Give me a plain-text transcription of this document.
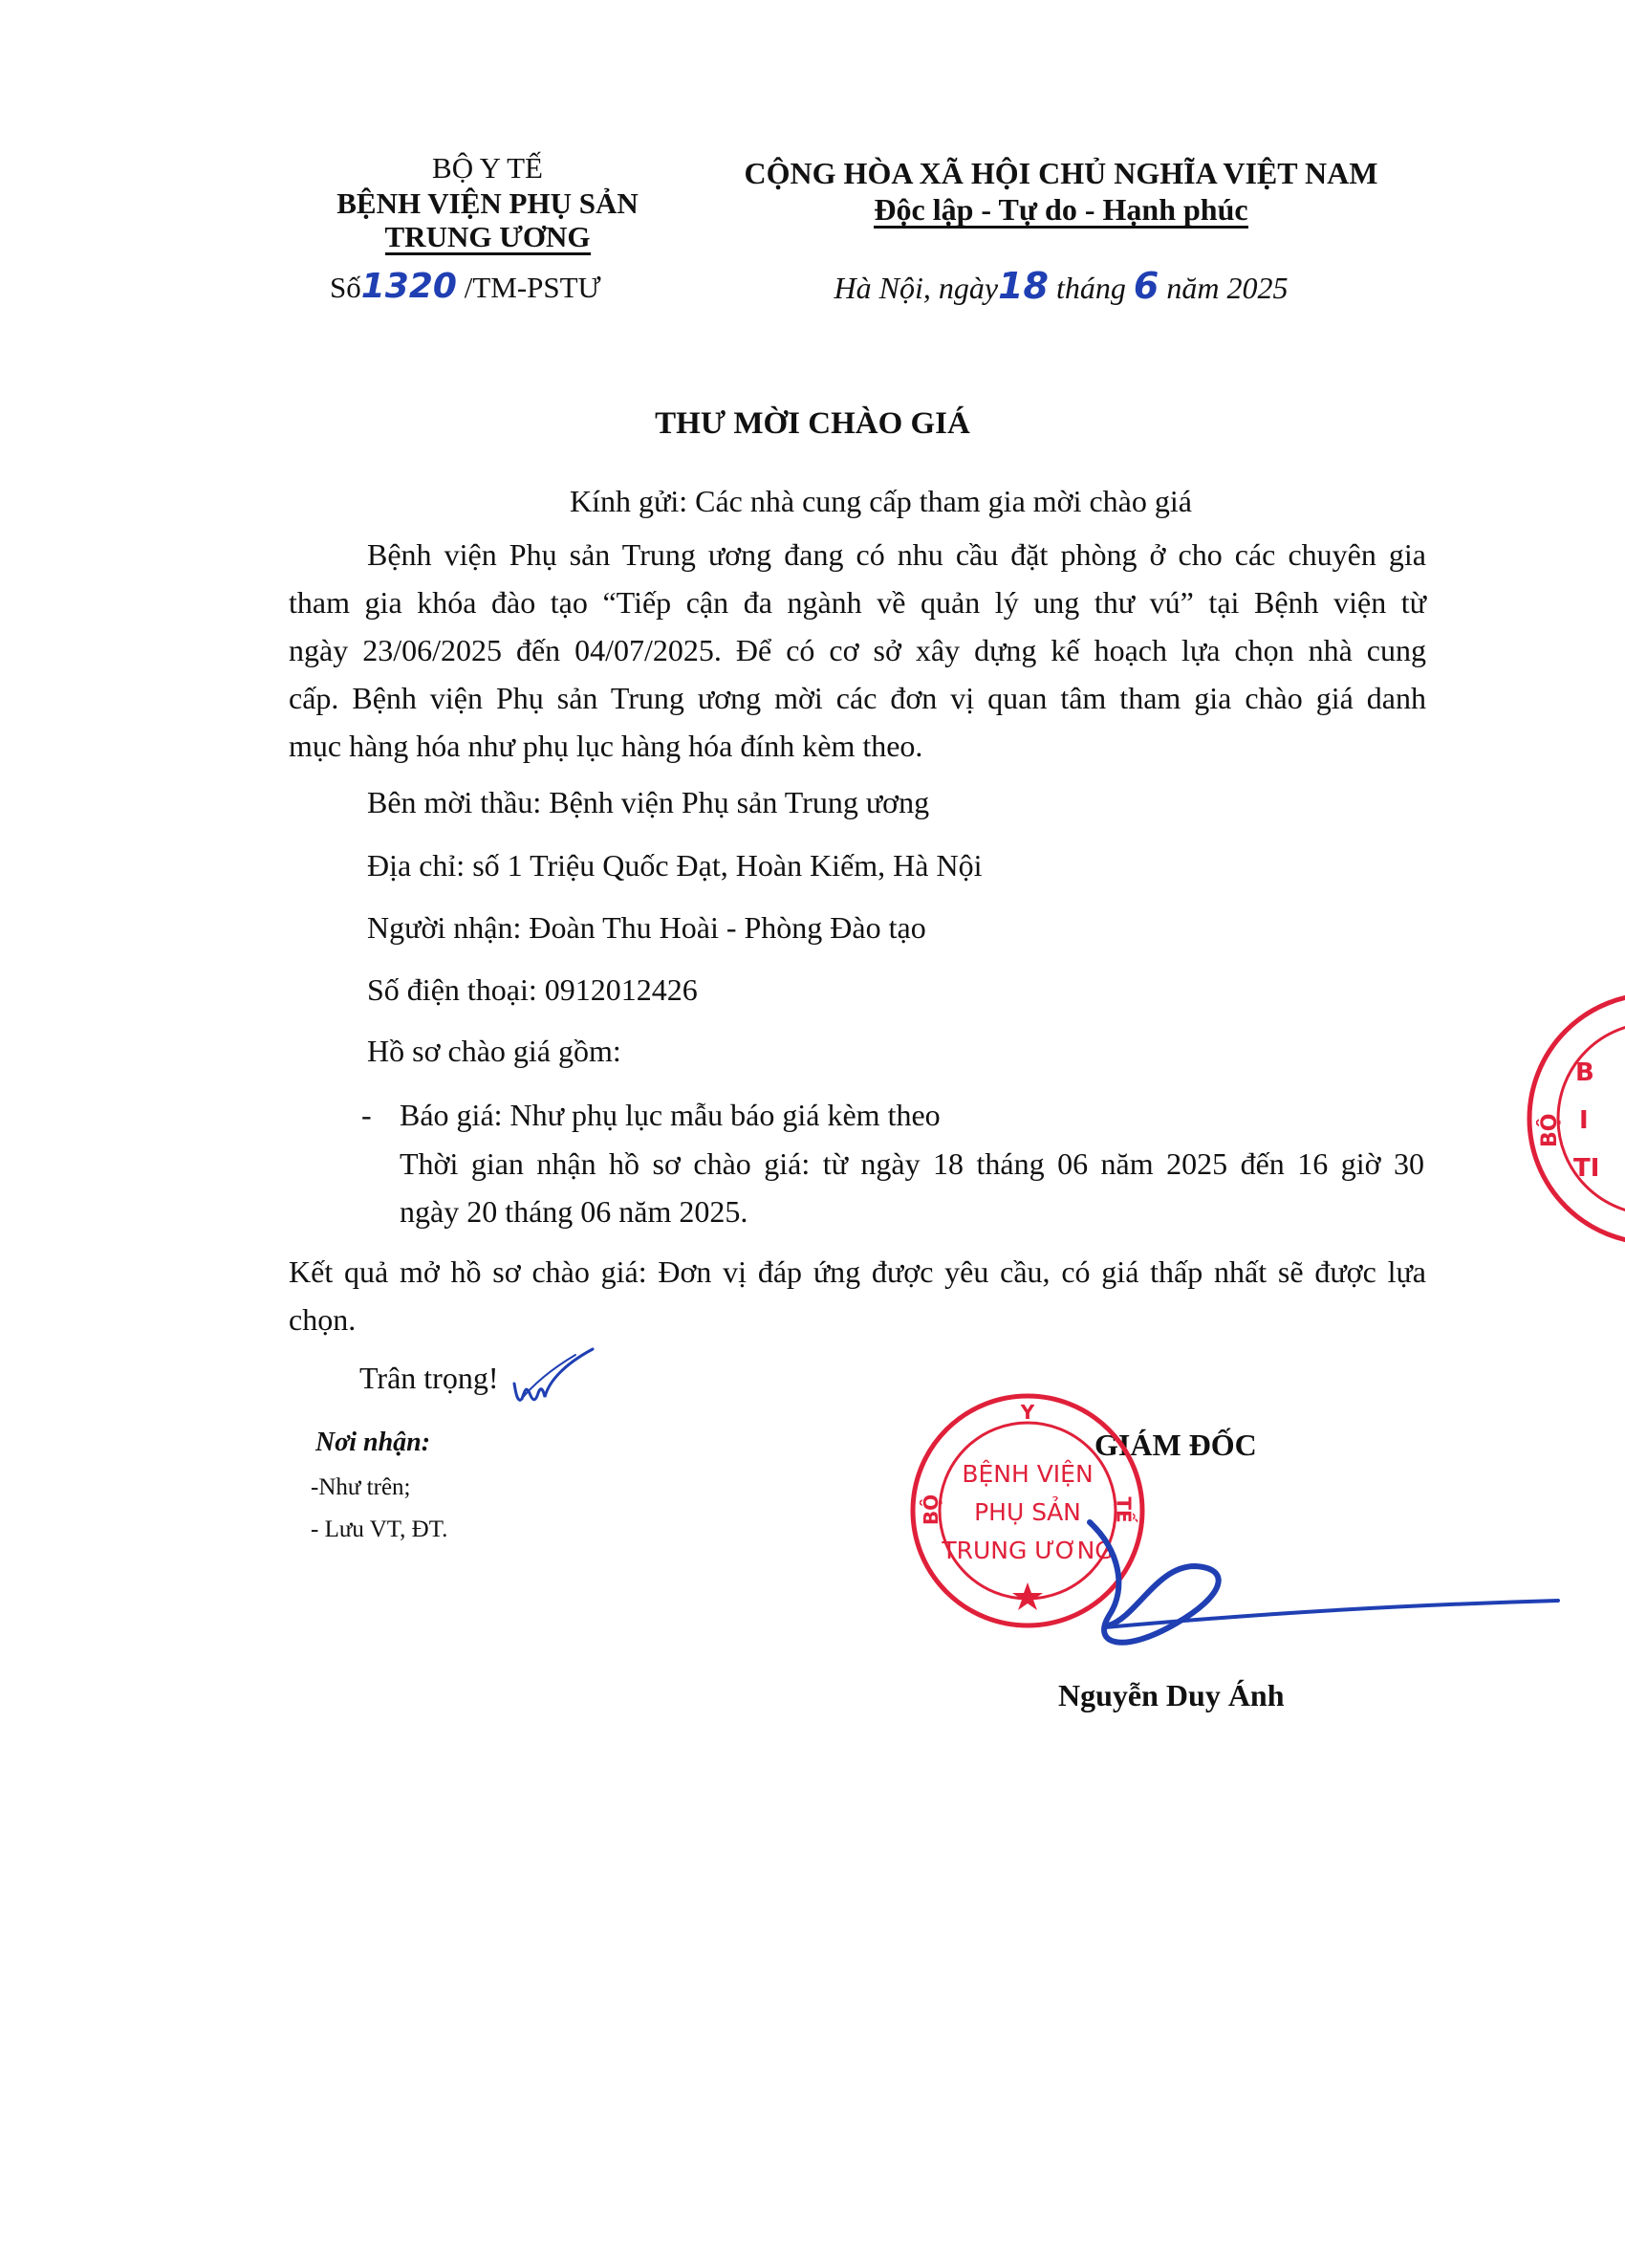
BỘ Y TẾ
BỆNH VIỆN PHỤ SẢN
TRUNG ƯƠNG
Số1320 /TM-PSTƯ
CỘNG HÒA XÃ HỘI CHỦ NGHĨA VIỆT NAM
Độc lập - Tự do - Hạnh phúc
Hà Nội, ngày18 tháng 6 năm 2025
THƯ MỜI CHÀO GIÁ
Kính gửi: Các nhà cung cấp tham gia mời chào giá
Bệnh viện Phụ sản Trung ương đang có nhu cầu đặt phòng ở cho các chuyên gia
tham gia khóa đào tạo “Tiếp cận đa ngành về quản lý ung thư vú” tại Bệnh viện từ
ngày 23/06/2025 đến 04/07/2025. Để có cơ sở xây dựng kế hoạch lựa chọn nhà cung
cấp. Bệnh viện Phụ sản Trung ương mời các đơn vị quan tâm tham gia chào giá danh
mục hàng hóa như phụ lục hàng hóa đính kèm theo.
Bên mời thầu: Bệnh viện Phụ sản Trung ương
Địa chỉ: số 1 Triệu Quốc Đạt, Hoàn Kiếm, Hà Nội
Người nhận: Đoàn Thu Hoài - Phòng Đào tạo
Số điện thoại: 0912012426
Hồ sơ chào giá gồm:
- Báo giá: Như phụ lục mẫu báo giá kèm theo
Thời gian nhận hồ sơ chào giá: từ ngày 18 tháng 06 năm 2025 đến 16 giờ 30
ngày 20 tháng 06 năm 2025.
Kết quả mở hồ sơ chào giá: Đơn vị đáp ứng được yêu cầu, có giá thấp nhất sẽ được lựa
chọn.
Trân trọng!
Nơi nhận:
-Như trên;
- Lưu VT, ĐT.
GIÁM ĐỐC
Y
BỘ	TẾ
BỆNH VIỆN
PHỤ SẢN
TRUNG ƯƠNG
B
I
TI
BỘ
Nguyễn Duy Ánh
